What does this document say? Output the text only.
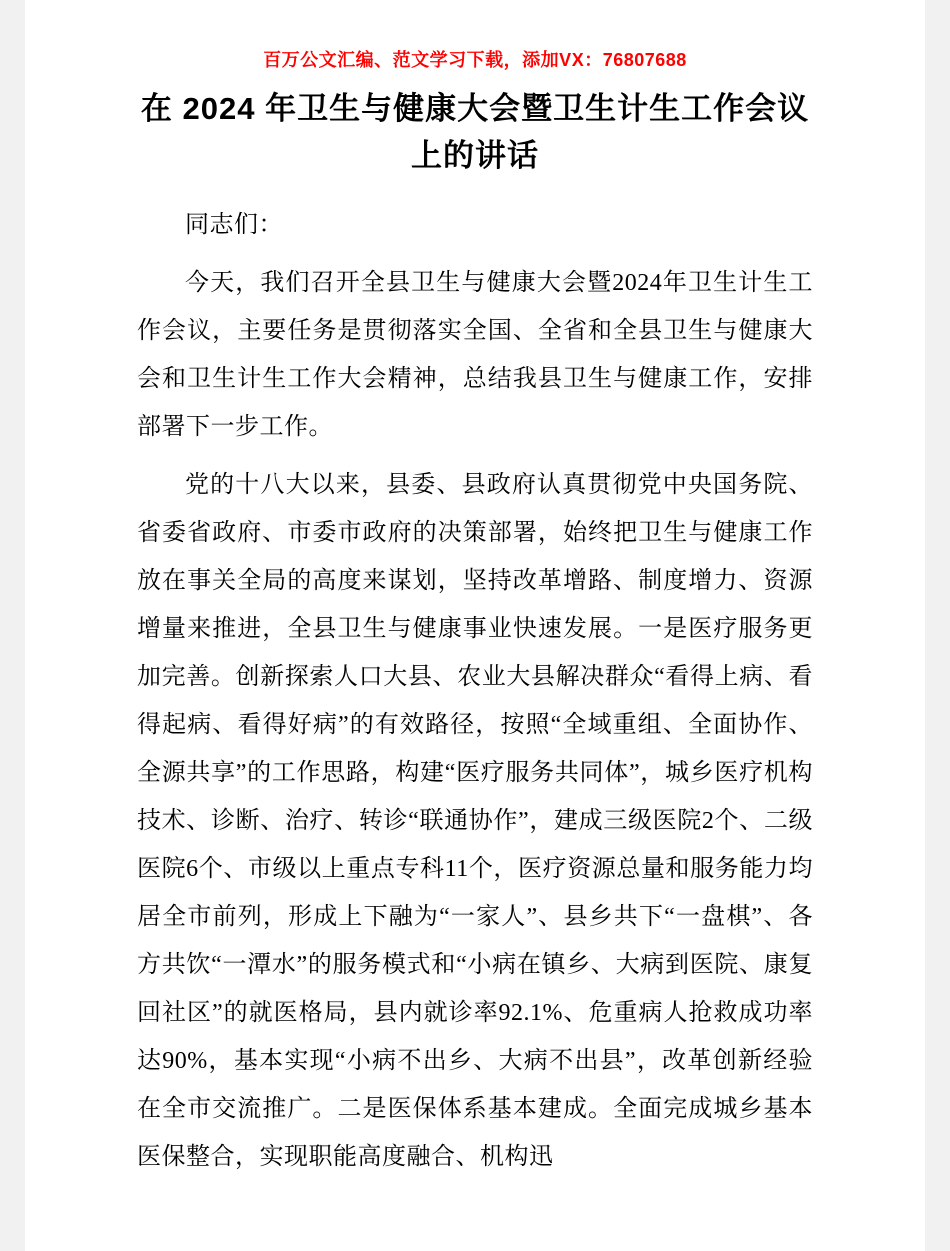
百万公文汇编、范文学习下载，添加VX：76807688
在 2024 年卫生与健康大会暨卫生计生工作会议上的讲话

同志们：

今天，我们召开全县卫生与健康大会暨2024年卫生计生工作会议，主要任务是贯彻落实全国、全省和全县卫生与健康大会和卫生计生工作大会精神，总结我县卫生与健康工作，安排部署下一步工作。

党的十八大以来，县委、县政府认真贯彻党中央国务院、省委省政府、市委市政府的决策部署，始终把卫生与健康工作放在事关全局的高度来谋划，坚持改革增路、制度增力、资源增量来推进，全县卫生与健康事业快速发展。一是医疗服务更加完善。创新探索人口大县、农业大县解决群众“看得上病、看得起病、看得好病”的有效路径，按照“全域重组、全面协作、全源共享”的工作思路，构建“医疗服务共同体”，城乡医疗机构技术、诊断、治疗、转诊“联通协作”，建成三级医院2个、二级医院6个、市级以上重点专科11个，医疗资源总量和服务能力均居全市前列，形成上下融为“一家人”、县乡共下“一盘棋”、各方共饮“一潭水”的服务模式和“小病在镇乡、大病到医院、康复回社区”的就医格局，县内就诊率92.1%、危重病人抢救成功率达90%，基本实现“小病不出乡、大病不出县”，改革创新经验在全市交流推广。二是医保体系基本建成。全面完成城乡基本医保整合，实现职能高度融合、机构迅
